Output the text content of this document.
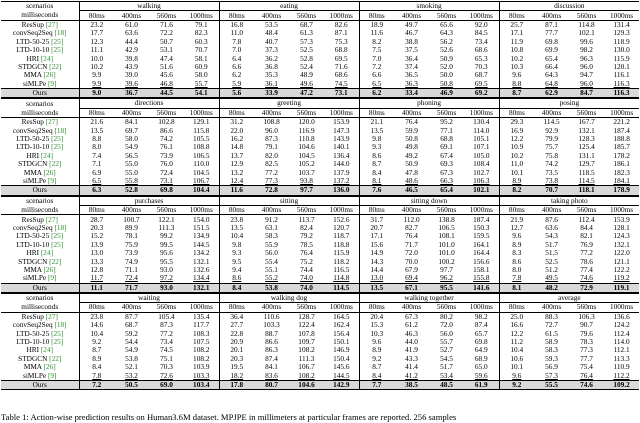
scenarios	walking				eating				smoking				discussion			
milliseconds	80ms	400ms	560ms	1000ms	80ms	400ms	560ms	1000ms	80ms	400ms	560ms	1000ms	80ms	400ms	560ms	1000ms
ResSup [27]	23.2	61.0	71.6	79.1	16.8	53.5	68.7	82.6	18.9	49.7	65.6	92.0	25.7	87.1	114.8	131.4
convSeq2Seq [18]	17.7	63.6	72.2	82.3	11.0	48.4	61.3	87.1	11.6	46.7	64.3	84.5	17.1	77.7	102.1	129.3
LTD-50-25 [25]	12.3	44.4	50.7	60.3	7.8	40.7	57.3	75.3	8.2	38.8	56.2	73.4	11.9	69.8	99.6	118.9
LTD-10-10 [25]	11.1	42.9	53.1	70.7	7.0	37.3	52.5	68.8	7.5	37.5	52.6	68.6	10.8	69.9	98.2	130.0
HRI [24]	10.0	39.8	47.4	58.1	6.4	36.2	52.8	69.5	7.0	36.4	50.9	65.3	10.2	65.4	96.3	115.9
STDGCN [22]	10.2	43.9	51.6	60.9	6.6	36.8	52.4	71.6	7.2	37.4	52.0	70.3	10.3	66.4	96.0	120.1
MMA [26]	9.9	39.0	45.6	58.0	6.2	35.3	48.9	68.6	6.6	36.5	50.0	68.7	9.6	64.3	94.7	116.1
siMLPe [9]	9.9	39.6	46.8	55.7	5.9	36.1	49.6	74.5	6.5	36.3	50.8	69.5	8.8	64.8	96.0	116.3
Ours	9.0	36.7	44.5	54.1	5.6	33.9	47.2	73.1	6.2	33.4	46.9	69.2	8.7	62.9	84.7	116.3
scenarios	directions				greeting				phoning				posing			
milliseconds	80ms	400ms	560ms	1000ms	80ms	400ms	560ms	1000ms	80ms	400ms	560ms	1000ms	80ms	400ms	560ms	1000ms
ResSup [27]	21.6	84.1	102.8	129.1	31.2	108.8	120.0	153.9	21.1	76.4	95.2	130.4	29.3	114.5	167.7	221.2
convSeq2Seq [18]	13.5	69.7	86.6	115.8	22.0	96.0	116.9	147.3	13.5	59.9	77.1	114.0	16.9	92.9	132.1	187.4
LTD-50-25 [25]	8.8	58.0	74.2	105.5	16.2	87.3	110.8	143.9	9.8	50.8	68.8	105.1	12.2	79.9	128.3	188.8
LTD-10-10 [25]	8.0	54.9	76.1	108.8	14.8	79.1	104.6	140.1	9.3	49.8	69.1	107.1	10.9	75.7	125.4	185.7
HRI [24]	7.4	56.5	73.9	106.5	13.7	82.0	104.5	136.4	8.6	49.2	67.4	105.0	10.2	75.8	131.1	178.2
STDGCN [22]	7.1	55.0	76.0	110.0	12.9	82.5	105.2	144.0	8.7	50.9	69.3	108.4	11.0	74.2	129.7	186.1
MMA [26]	6.9	55.0	72.4	104.5	13.2	77.2	103.7	137.9	8.4	47.8	67.3	102.7	10.1	73.5	118.5	182.3
siMLPe [9]	6.5	55.8	73.1	106.7	12.4	77.3	93.8	137.2	8.1	48.6	66.3	106.3	8.9	73.8	114.5	184.1
Ours	6.3	52.8	69.8	104.4	11.6	72.8	97.7	136.0	7.6	46.5	65.4	102.1	8.2	70.7	118.1	178.9
scenarios	purchases				sitting				sitting down				taking photo			
milliseconds	80ms	400ms	560ms	1000ms	80ms	400ms	560ms	1000ms	80ms	400ms	560ms	1000ms	80ms	400ms	560ms	1000ms
ResSup [27]	28.7	100.7	122.1	154.0	23.8	91.2	113.7	152.6	31.7	112.0	138.8	187.4	21.9	87.6	112.4	153.9
convSeq2Seq [18]	20.3	89.9	111.3	151.5	13.5	63.1	82.4	120.7	20.7	82.7	106.5	150.3	12.7	63.6	84.4	128.1
LTD-50-25 [25]	15.2	78.1	99.2	134.9	10.4	58.3	79.2	118.7	17.1	76.4	108.1	159.5	9.6	54.3	82.1	124.3
LTD-10-10 [25]	13.9	75.9	99.5	144.5	9.8	55.9	78.5	118.8	15.6	71.7	101.0	164.1	8.9	51.7	76.9	132.1
HRI [24]	13.0	73.9	95.6	134.2	9.3	56.0	76.4	115.9	14.9	72.0	101.0	164.4	8.3	51.5	77.2	122.0
STDGCN [22]	13.3	74.9	95.5	132.1	9.5	55.4	75.2	118.2	14.3	70.0	100.2	156.6	8.6	52.5	78.6	121.1
MMA [26]	12.8	71.1	93.0	132.6	9.4	55.1	74.4	116.5	14.4	67.9	97.7	158.1	8.0	51.2	77.4	122.2
siMLPe [9]	11.7	72.4	97.2	134.4	8.6	55.2	74.0	114.8	13.0	69.4	96.2	155.8	7.8	49.5	74.6	119.2
Ours	11.1	71.7	93.0	132.1	8.4	53.8	74.0	114.5	13.5	67.1	95.5	141.6	8.1	48.2	72.9	119.1
scenarios	waiting				walking dog				walking together				average			
milliseconds	80ms	400ms	560ms	1000ms	80ms	400ms	560ms	1000ms	80ms	400ms	560ms	1000ms	80ms	400ms	560ms	1000ms
ResSup [27]	23.8	87.7	105.4	135.4	36.4	110.6	128.7	164.5	20.4	67.3	80.2	98.2	25.0	88.3	106.3	136.6
convSeq2Seq [18]	14.6	68.7	87.3	117.7	27.7	103.3	122.4	162.4	15.3	61.2	72.0	87.4	16.6	72.7	90.7	124.2
LTD-50-25 [25]	10.4	59.2	77.2	108.3	22.8	88.7	107.8	156.4	10.3	46.3	56.0	65.7	12.2	61.5	79.6	112.4
LTD-10-10 [25]	9.2	54.4	73.4	107.5	20.9	86.6	109.7	150.1	9.6	44.0	55.7	69.8	11.2	58.9	78.3	114.0
HRI [24]	8.7	54.9	74.5	108.2	20.1	86.3	108.2	146.9	8.9	41.9	52.7	64.9	10.4	58.3	77.3	112.1
STDGCN [22]	8.9	53.8	75.1	108.2	20.3	87.4	111.3	150.4	9.2	43.3	54.5	68.9	10.6	59.3	77.7	113.3
MMA [26]	8.4	52.1	70.3	103.9	19.5	84.1	106.7	145.6	8.7	41.4	51.7	65.0	10.1	56.9	75.4	110.9
siMLPe [9]	7.8	53.2	72.6	103.3	18.2	83.6	108.2	144.5	8.4	41.2	53.4	59.6	9.6	57.3	76.4	112.2
Ours	7.2	50.5	69.0	103.4	17.8	80.7	104.6	142.9	7.7	38.5	48.5	61.9	9.2	55.5	74.6	109.2
Table 1: Action-wise prediction results on Human3.6M dataset. MPJPE in millimeters at particular frames are reported. 256 samples
